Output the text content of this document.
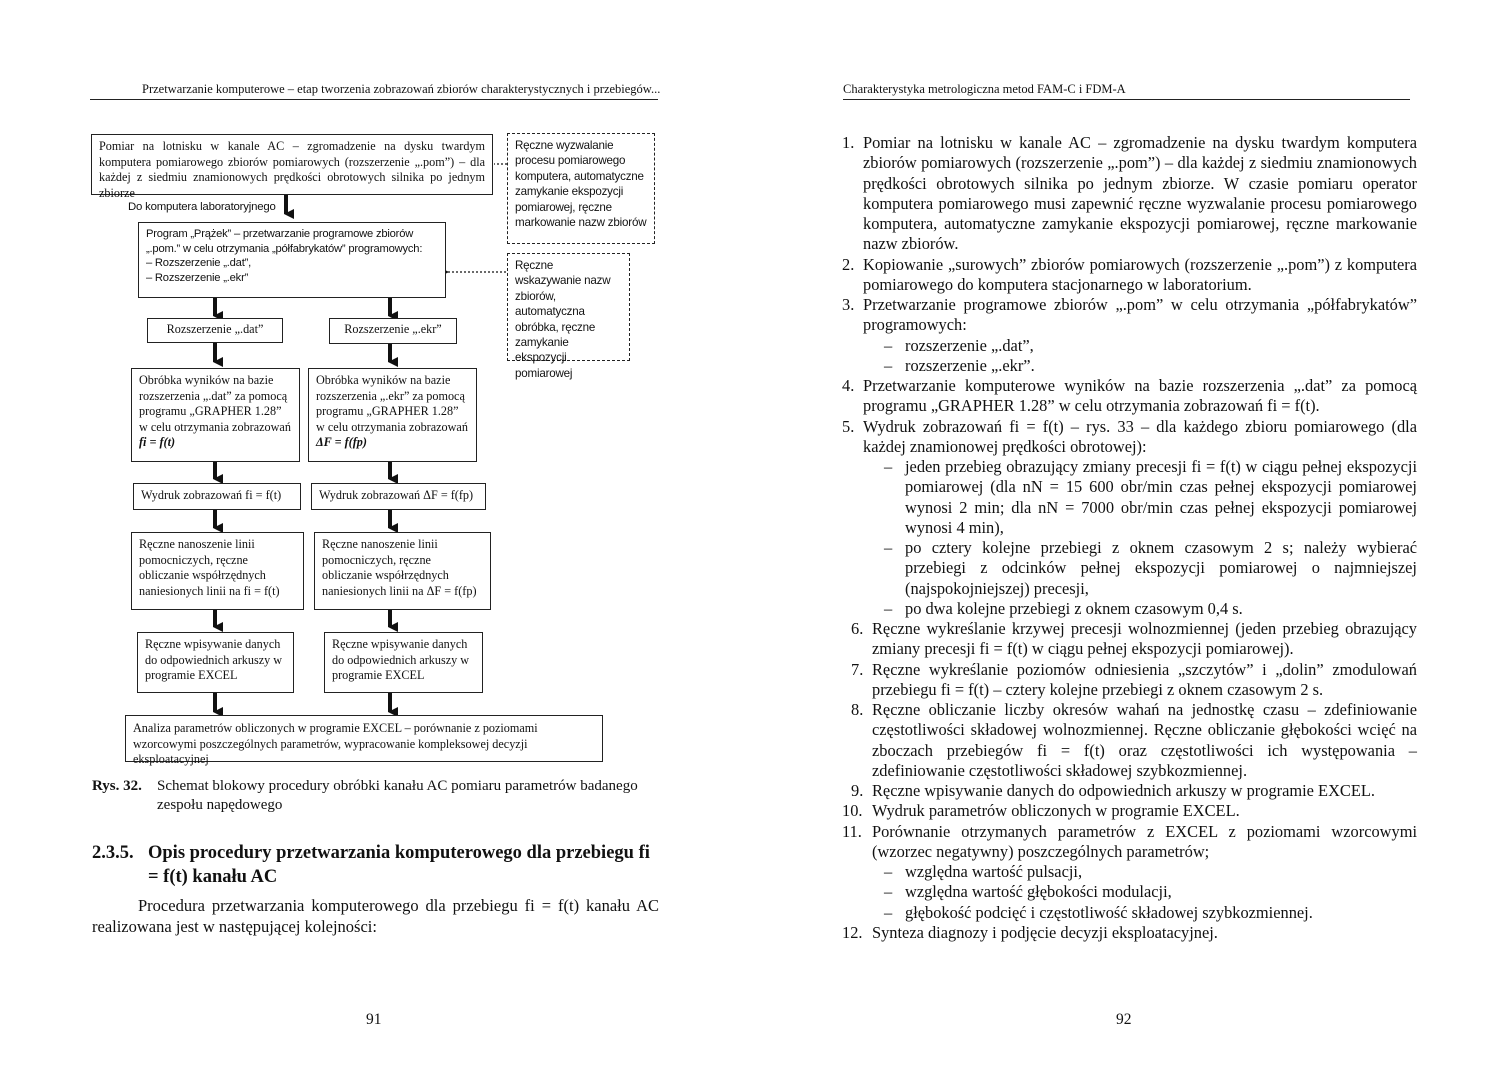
Przetwarzanie komputerowe – etap tworzenia zobrazowań zbiorów charakterystycznych i przebiegów...	Charakterystyka metrologiczna metod FAM-C i FDM-A
Pomiar na lotnisku w kanale AC – zgromadzenie na dysku twardym komputera pomiarowego zbiorów pomiarowych (rozszerzenie „.pom”) – dla każdej z siedmiu znamionowych prędkości obrotowych silnika po jednym zbiorze
Do komputera laboratoryjnego
Program „Prążek” – przetwarzanie programowe zbiorów „.pom.” w celu otrzymania „półfabrykatów” programowych:
– Rozszerzenie „.dat”,
– Rozszerzenie „.ekr”
Rozszerzenie „.dat”	Rozszerzenie „.ekr”
Obróbka wyników na bazie rozszerzenia „.dat” za pomocą programu „GRAPHER 1.28” w celu otrzymania zobrazowań fi = f(t)
Obróbka wyników na bazie rozszerzenia „.ekr” za pomocą programu „GRAPHER 1.28” w celu otrzymania zobrazowań ΔF = f(fp)
Wydruk zobrazowań fi = f(t)	Wydruk zobrazowań ΔF = f(fp)
Ręczne nanoszenie linii pomocniczych, ręczne obliczanie współrzędnych naniesionych linii na fi = f(t)
Ręczne nanoszenie linii pomocniczych, ręczne obliczanie współrzędnych naniesionych linii na ΔF = f(fp)
Ręczne wpisywanie danych do odpowiednich arkuszy w programie EXCEL
Ręczne wpisywanie danych do odpowiednich arkuszy w programie EXCEL
Analiza parametrów obliczonych w programie EXCEL – porównanie z poziomami wzorcowymi poszczególnych parametrów, wypracowanie kompleksowej decyzji eksploatacyjnej
Ręczne wyzwalanie procesu pomiarowego komputera, automatyczne zamykanie ekspozycji pomiarowej, ręczne markowanie nazw zbiorów
Ręczne wskazywanie nazw zbiorów, automatyczna obróbka, ręczne zamykanie ekspozycji pomiarowej
Rys. 32. Schemat blokowy procedury obróbki kanału AC pomiaru parametrów badanego zespołu napędowego
2.3.5. Opis procedury przetwarzania komputerowego dla przebiegu fi = f(t) kanału AC
Procedura przetwarzania komputerowego dla przebiegu fi = f(t) kanału AC realizowana jest w następującej kolejności:
91	92
1. Pomiar na lotnisku w kanale AC – zgromadzenie na dysku twardym komputera zbiorów pomiarowych (rozszerzenie „.pom”) – dla każdej z siedmiu znamionowych prędkości obrotowych silnika po jednym zbiorze. W czasie pomiaru operator komputera pomiarowego musi zapewnić ręczne wyzwalanie procesu pomiarowego komputera, automatyczne zamykanie ekspozycji pomiarowej, ręczne markowanie nazw zbiorów.
2. Kopiowanie „surowych” zbiorów pomiarowych (rozszerzenie „.pom”) z komputera pomiarowego do komputera stacjonarnego w laboratorium.
3. Przetwarzanie programowe zbiorów „.pom” w celu otrzymania „półfabrykatów” programowych:
– rozszerzenie „.dat”,
– rozszerzenie „.ekr”.
4. Przetwarzanie komputerowe wyników na bazie rozszerzenia „.dat” za pomocą programu „GRAPHER 1.28” w celu otrzymania zobrazowań fi = f(t).
5. Wydruk zobrazowań fi = f(t) – rys. 33 – dla każdego zbioru pomiarowego (dla każdej znamionowej prędkości obrotowej):
– jeden przebieg obrazujący zmiany precesji fi = f(t) w ciągu pełnej ekspozycji pomiarowej (dla nN = 15 600 obr/min czas pełnej ekspozycji pomiarowej wynosi 2 min; dla nN = 7000 obr/min czas pełnej ekspozycji pomiarowej wynosi 4 min),
– po cztery kolejne przebiegi z oknem czasowym 2 s; należy wybierać przebiegi z odcinków pełnej ekspozycji pomiarowej o najmniejszej (najspokojniejszej) precesji,
– po dwa kolejne przebiegi z oknem czasowym 0,4 s.
6. Ręczne wykreślanie krzywej precesji wolnozmiennej (jeden przebieg obrazujący zmiany precesji fi = f(t) w ciągu pełnej ekspozycji pomiarowej).
7. Ręczne wykreślanie poziomów odniesienia „szczytów” i „dolin” zmodulowań przebiegu fi = f(t) – cztery kolejne przebiegi z oknem czasowym 2 s.
8. Ręczne obliczanie liczby okresów wahań na jednostkę czasu – zdefiniowanie częstotliwości składowej wolnozmiennej. Ręczne obliczanie głębokości wcięć na zboczach przebiegów fi = f(t) oraz częstotliwości ich występowania – zdefiniowanie częstotliwości składowej szybkozmiennej.
9. Ręczne wpisywanie danych do odpowiednich arkuszy w programie EXCEL.
10. Wydruk parametrów obliczonych w programie EXCEL.
11. Porównanie otrzymanych parametrów z EXCEL z poziomami wzorcowymi (wzorzec negatywny) poszczególnych parametrów;
– względna wartość pulsacji,
– względna wartość głębokości modulacji,
– głębokość podcięć i częstotliwość składowej szybkozmiennej.
12. Synteza diagnozy i podjęcie decyzji eksploatacyjnej.
